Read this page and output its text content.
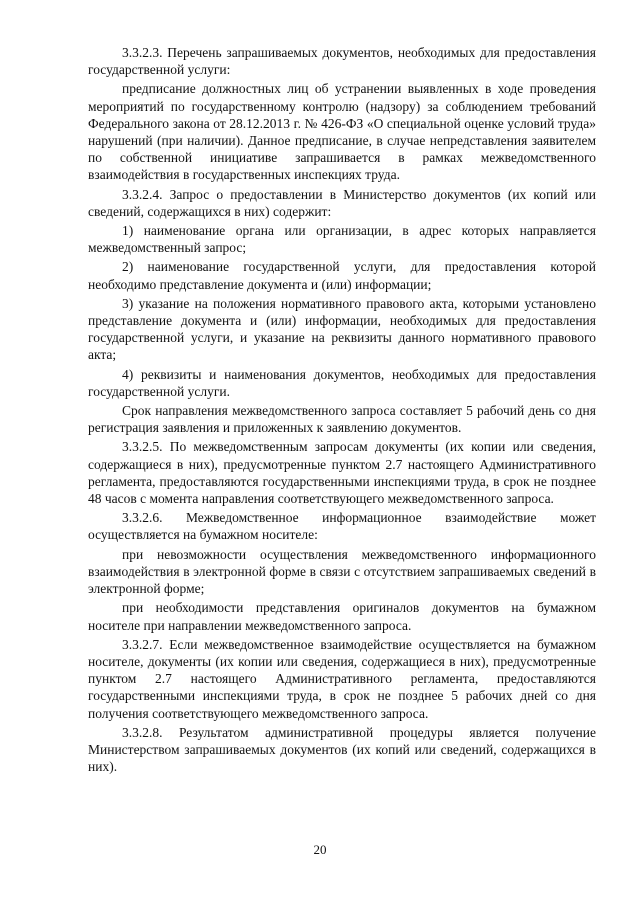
3.3.2.3. Перечень запрашиваемых документов, необходимых для предоставления государственной услуги:

предписание должностных лиц об устранении выявленных в ходе проведения мероприятий по государственному контролю (надзору) за соблюдением требований Федерального закона от 28.12.2013 г. № 426-ФЗ «О специальной оценке условий труда» нарушений (при наличии). Данное предписание, в случае непредставления заявителем по собственной инициативе запрашивается в рамках межведомственного взаимодействия в государственных инспекциях труда.

3.3.2.4. Запрос о предоставлении в Министерство документов (их копий или сведений, содержащихся в них) содержит:

1) наименование органа или организации, в адрес которых направляется межведомственный запрос;

2) наименование государственной услуги, для предоставления которой необходимо представление документа и (или) информации;

3) указание на положения нормативного правового акта, которыми установлено представление документа и (или) информации, необходимых для предоставления государственной услуги, и указание на реквизиты данного нормативного правового акта;

4) реквизиты и наименования документов, необходимых для предоставления государственной услуги.

Срок направления межведомственного запроса составляет 5 рабочий день со дня регистрация заявления и приложенных к заявлению документов.

3.3.2.5. По межведомственным запросам документы (их копии или сведения, содержащиеся в них), предусмотренные пунктом 2.7 настоящего Административного регламента, предоставляются государственными инспекциями труда, в срок не позднее 48 часов с момента направления соответствующего межведомственного запроса.

3.3.2.6. Межведомственное информационное взаимодействие может осуществляется на бумажном носителе:

при невозможности осуществления межведомственного информационного взаимодействия в электронной форме в связи с отсутствием запрашиваемых сведений в электронной форме;

при необходимости представления оригиналов документов на бумажном носителе при направлении межведомственного запроса.

3.3.2.7. Если межведомственное взаимодействие осуществляется на бумажном носителе, документы (их копии или сведения, содержащиеся в них), предусмотренные пунктом 2.7 настоящего Административного регламента, предоставляются государственными инспекциями труда, в срок не позднее 5 рабочих дней со дня получения соответствующего межведомственного запроса.

3.3.2.8. Результатом административной процедуры является получение Министерством запрашиваемых документов (их копий или сведений, содержащихся в них).

20
